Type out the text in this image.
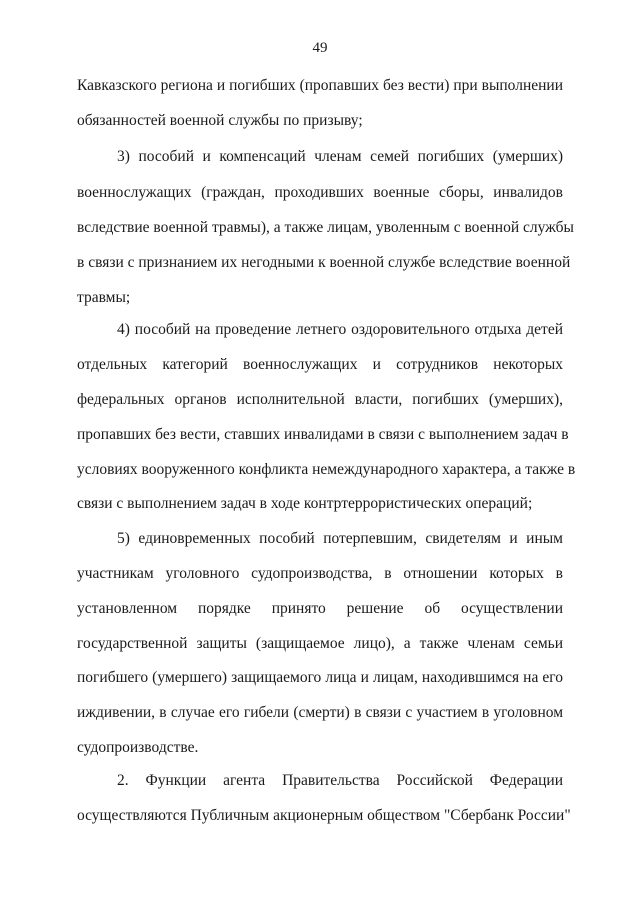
49
Кавказского региона и погибших (пропавших без вести) при выполнении
обязанностей военной службы по призыву;
3) пособий и компенсаций членам семей погибших (умерших)
военнослужащих (граждан, проходивших военные сборы, инвалидов
вследствие военной травмы), а также лицам, уволенным с военной службы
в связи с признанием их негодными к военной службе вследствие военной
травмы;
4) пособий на проведение летнего оздоровительного отдыха детей
отдельных категорий военнослужащих и сотрудников некоторых
федеральных органов исполнительной власти, погибших (умерших),
пропавших без вести, ставших инвалидами в связи с выполнением задач в
условиях вооруженного конфликта немеждународного характера, а также в
связи с выполнением задач в ходе контртеррористических операций;
5) единовременных пособий потерпевшим, свидетелям и иным
участникам уголовного судопроизводства, в отношении которых в
установленном порядке принято решение об осуществлении
государственной защиты (защищаемое лицо), а также членам семьи
погибшего (умершего) защищаемого лица и лицам, находившимся на его
иждивении, в случае его гибели (смерти) в связи с участием в уголовном
судопроизводстве.
2. Функции агента Правительства Российской Федерации
осуществляются Публичным акционерным обществом "Сбербанк России"
